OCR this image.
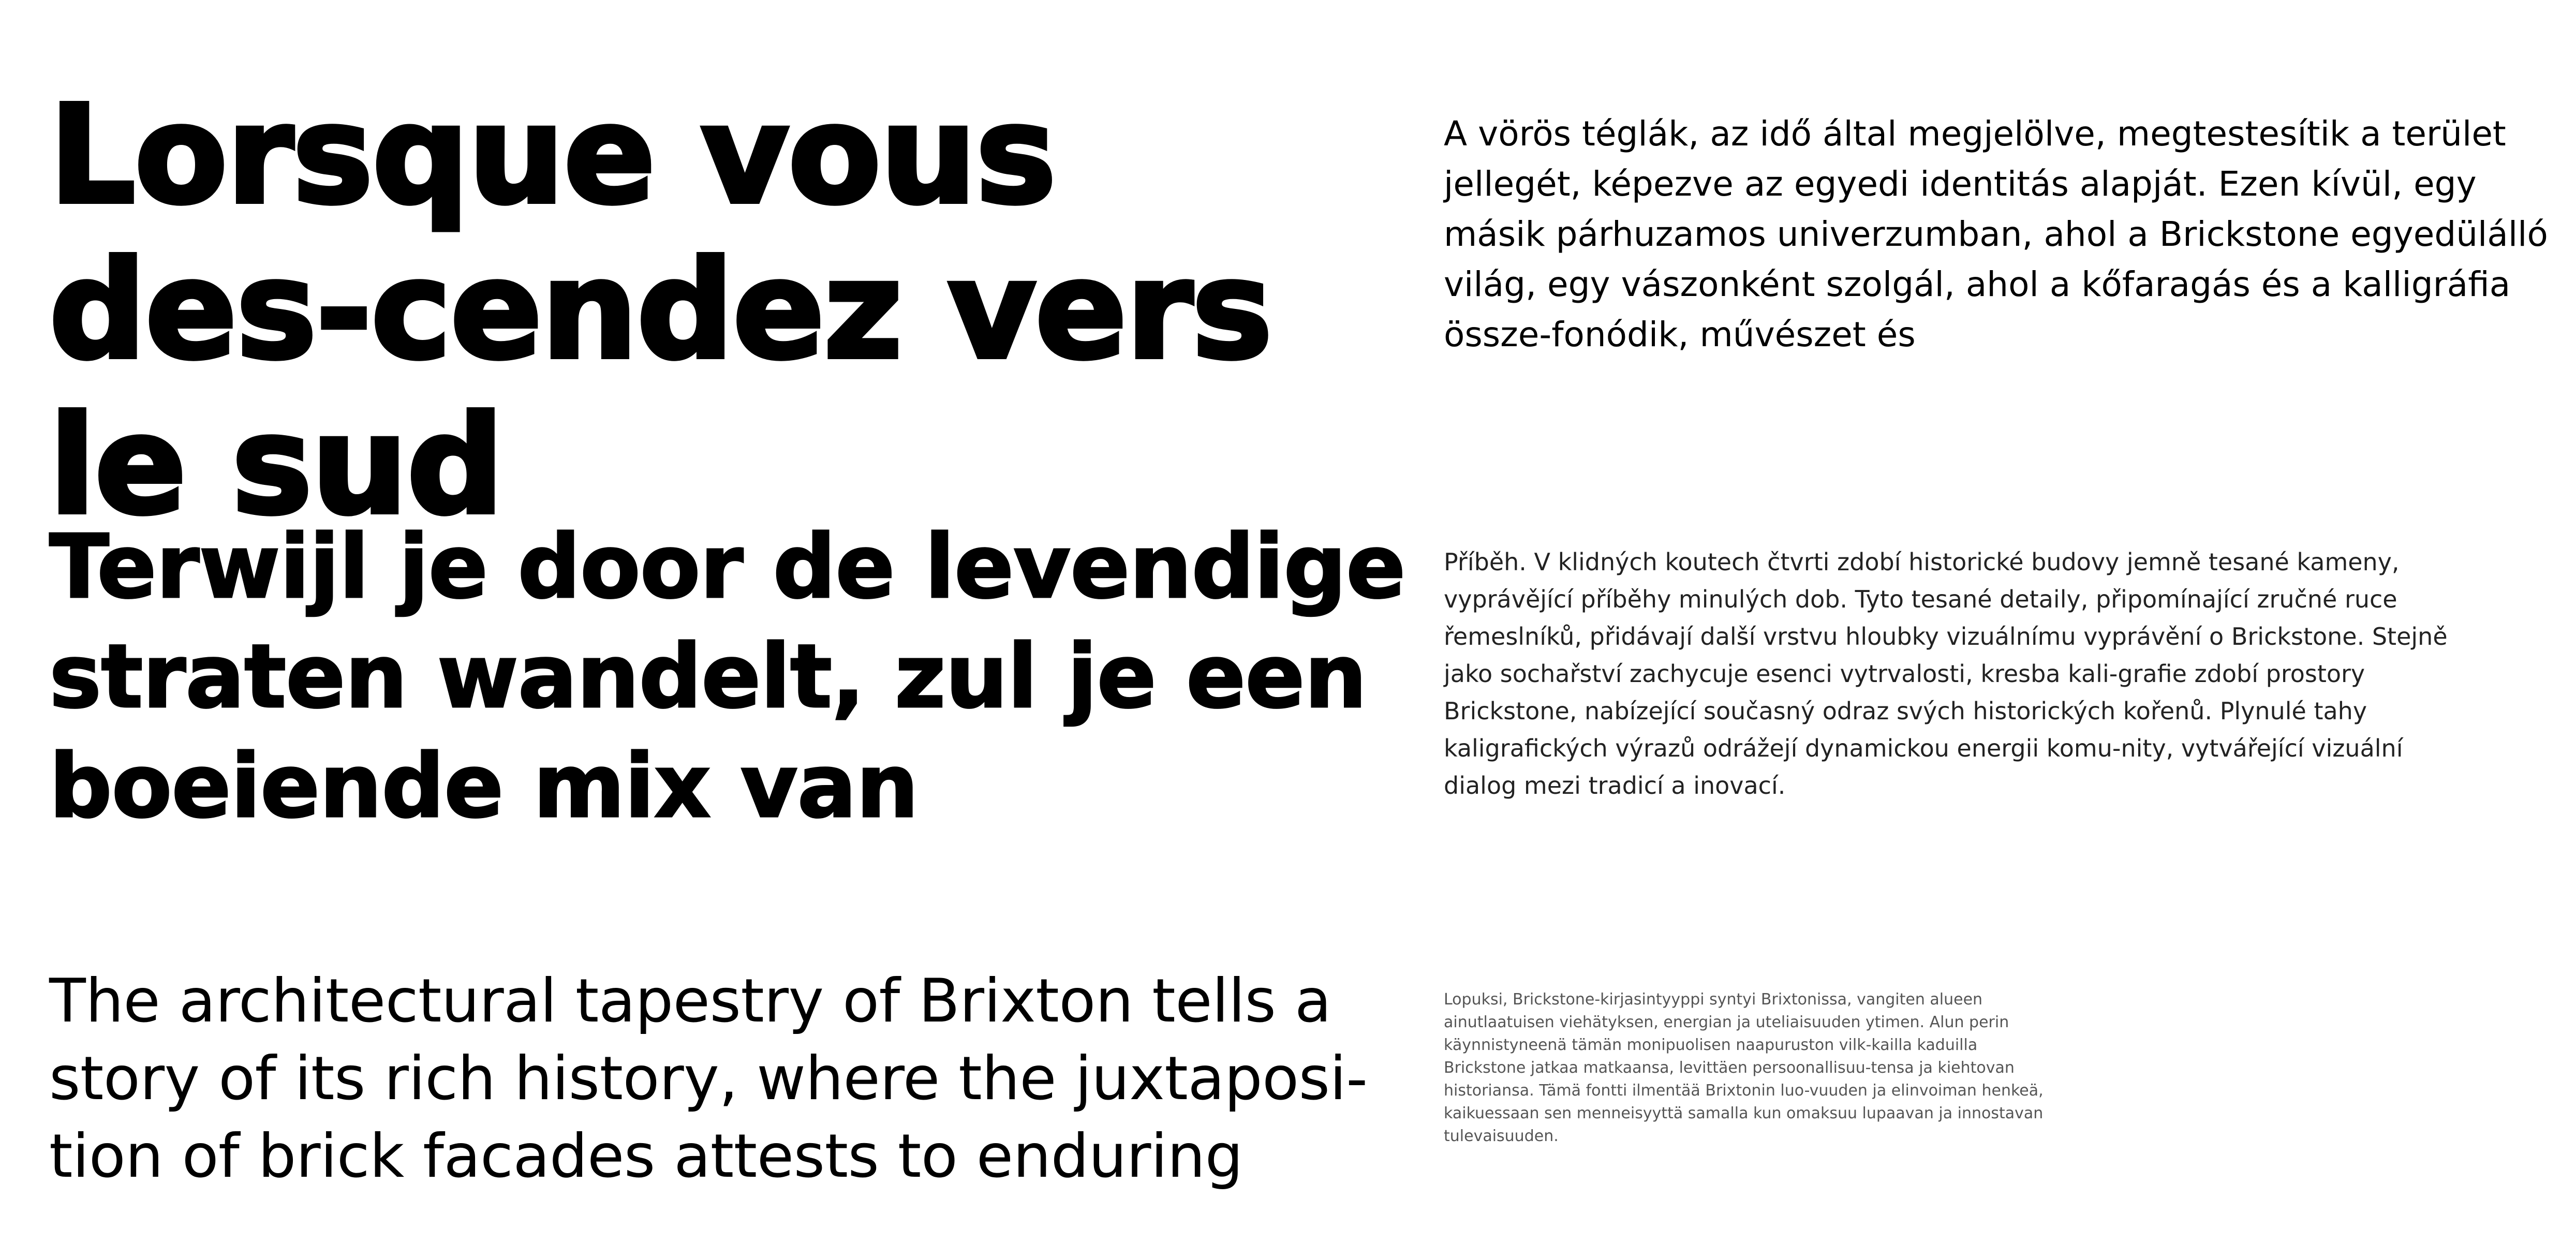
Lorsque vous des-cendez vers le sud
Terwijl je door de levendige straten wandelt, zul je een boeiende mix van

The architectural tapestry of Brixton tells a story of its rich history, where the juxtaposi-tion of brick facades attests to enduring

A vörös téglák, az idő által megjelölve, megtestesítik a terület jellegét, képezve az egyedi identitás alapját. Ezen kívül, egy másik párhuzamos univerzumban, ahol a Brickstone egyedülálló világ, egy vászonként szolgál, ahol a kőfaragás és a kalligráfia össze-fonódik, művészet és

Příběh. V klidných koutech čtvrti zdobí historické budovy jemně tesané kameny, vyprávějící příběhy minulých dob. Tyto tesané detaily, připomínající zručné ruce řemeslníků, přidávají další vrstvu hloubky vizuálnímu vyprávění o Brickstone. Stejně jako sochařství zachycuje esenci vytrvalosti, kresba kali-grafie zdobí prostory Brickstone, nabízející současný odraz svých historických kořenů. Plynulé tahy kaligrafických výrazů odrážejí dynamickou energii komu-nity, vytvářející vizuální dialog mezi tradicí a inovací.

Lopuksi, Brickstone-kirjasintyyppi syntyi Brixtonissa, vangiten alueen ainutlaatuisen viehätyksen, energian ja uteliaisuuden ytimen. Alun perin käynnistyneenä tämän monipuolisen naapuruston vilk-kailla kaduilla Brickstone jatkaa matkaansa, levittäen persoonallisuu-tensa ja kiehtovan historiansa. Tämä fontti ilmentää Brixtonin luo-vuuden ja elinvoiman henkeä, kaikuessaan sen menneisyyttä samalla kun omaksuu lupaavan ja innostavan tulevaisuuden.
